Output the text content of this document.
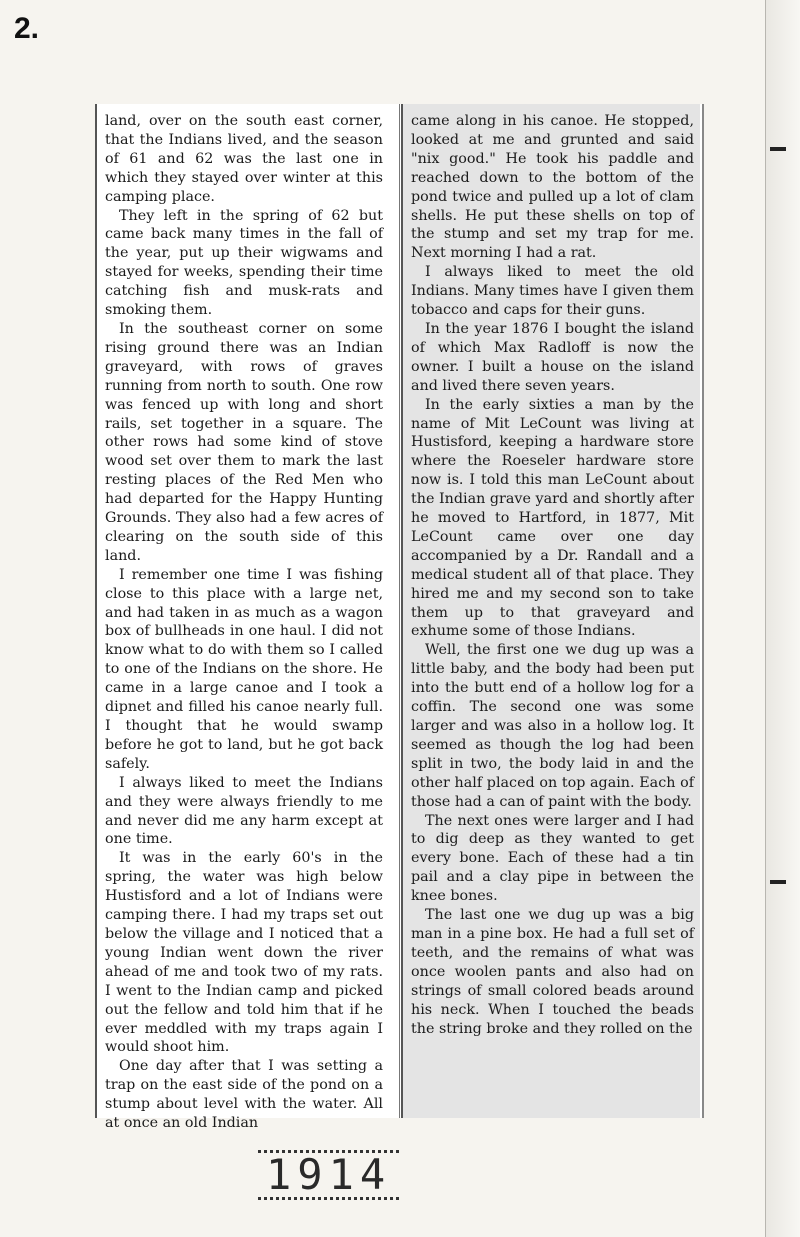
2.

land, over on the south east corner, that the Indians lived, and the season of 61 and 62 was the last one in which they stayed over winter at this camping place.

They left in the spring of 62 but came back many times in the fall of the year, put up their wigwams and stayed for weeks, spending their time catching fish and musk-rats and smoking them.

In the southeast corner on some rising ground there was an Indian graveyard, with rows of graves running from north to south. One row was fenced up with long and short rails, set together in a square. The other rows had some kind of stove wood set over them to mark the last resting places of the Red Men who had departed for the Happy Hunting Grounds. They also had a few acres of clearing on the south side of this land.

I remember one time I was fishing close to this place with a large net, and had taken in as much as a wagon box of bullheads in one haul. I did not know what to do with them so I called to one of the Indians on the shore. He came in a large canoe and I took a dipnet and filled his canoe nearly full. I thought that he would swamp before he got to land, but he got back safely.

I always liked to meet the Indians and they were always friendly to me and never did me any harm except at one time.

It was in the early 60's in the spring, the water was high below Hustisford and a lot of Indians were camping there. I had my traps set out below the village and I noticed that a young Indian went down the river ahead of me and took two of my rats. I went to the Indian camp and picked out the fellow and told him that if he ever meddled with my traps again I would shoot him.

One day after that I was setting a trap on the east side of the pond on a stump about level with the water. All at once an old Indian

came along in his canoe. He stopped, looked at me and grunted and said "nix good." He took his paddle and reached down to the bottom of the pond twice and pulled up a lot of clam shells. He put these shells on top of the stump and set my trap for me. Next morning I had a rat.

I always liked to meet the old Indians. Many times have I given them tobacco and caps for their guns.

In the year 1876 I bought the island of which Max Radloff is now the owner. I built a house on the island and lived there seven years.

In the early sixties a man by the name of Mit LeCount was living at Hustisford, keeping a hardware store where the Roeseler hardware store now is. I told this man LeCount about the Indian grave yard and shortly after he moved to Hartford, in 1877, Mit LeCount came over one day accompanied by a Dr. Randall and a medical student all of that place. They hired me and my second son to take them up to that graveyard and exhume some of those Indians.

Well, the first one we dug up was a little baby, and the body had been put into the butt end of a hollow log for a coffin. The second one was some larger and was also in a hollow log. It seemed as though the log had been split in two, the body laid in and the other half placed on top again. Each of those had a can of paint with the body.

The next ones were larger and I had to dig deep as they wanted to get every bone. Each of these had a tin pail and a clay pipe in between the knee bones.

The last one we dug up was a big man in a pine box. He had a full set of teeth, and the remains of what was once woolen pants and also had on strings of small colored beads around his neck. When I touched the beads the string broke and they rolled on the

1914
